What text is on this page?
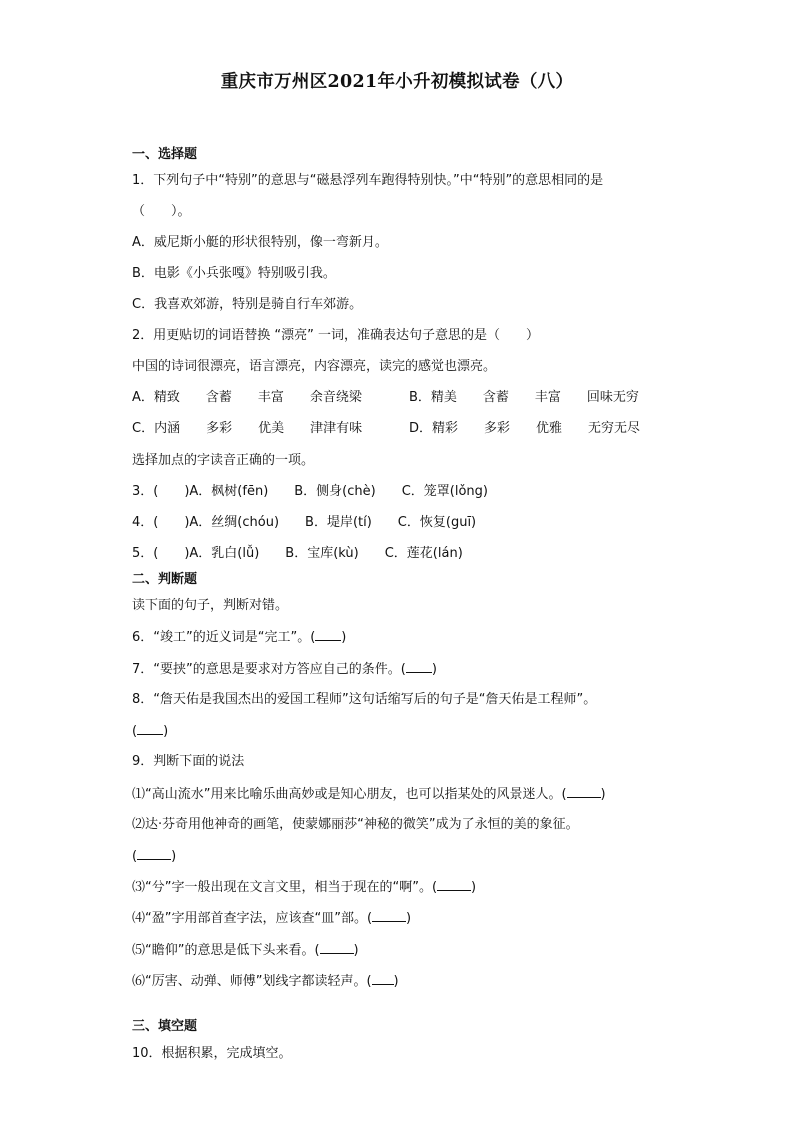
重庆市万州区2021年小升初模拟试卷（八）
一、选择题
1．下列句子中“特别”的意思与“磁悬浮列车跑得特别快。”中“特别”的意思相同的是
（　　）。
A．威尼斯小艇的形状很特别，像一弯新月。
B．电影《小兵张嘎》特别吸引我。
C．我喜欢郊游，特别是骑自行车郊游。
2．用更贴切的词语替换 “漂亮” 一词，准确表达句子意思的是（　　）
中国的诗词很漂亮，语言漂亮，内容漂亮，读完的感觉也漂亮。
A．精致　　含蓄　　丰富　　余音绕梁	B．精美　　含蓄　　丰富　　回味无穷
C．内涵　　多彩　　优美　　津津有味	D．精彩　　多彩　　优雅　　无穷无尽
选择加点的字读音正确的一项。
3．(　　)A．枫树(fēn)　　B．侧身(chè)　　C．笼罩(lǒng)
4．(　　)A．丝绸(chóu)　　B．堤岸(tí)　　C．恢复(guī)
5．(　　)A．乳白(lǚ)　　B．宝库(kù)　　C．莲花(lán)
二、判断题
读下面的句子，判断对错。
6．“竣工”的近义词是“完工”。( )
7．“要挟”的意思是要求对方答应自己的条件。( )
8．“詹天佑是我国杰出的爱国工程师”这句话缩写后的句子是“詹天佑是工程师”。
( )
9．判断下面的说法
⑴“高山流水”用来比喻乐曲高妙或是知心朋友，也可以指某处的风景迷人。(	)
⑵达·芬奇用他神奇的画笔，使蒙娜丽莎“神秘的微笑”成为了永恒的美的象征。
(	)
⑶“兮”字一般出现在文言文里，相当于现在的“啊”。(	)
⑷“盈”字用部首查字法，应该查“皿”部。(	)
⑸“瞻仰”的意思是低下头来看。(	)
⑹“厉害、动弹、师傅”划线字都读轻声。( )
三、填空题
10．根据积累，完成填空。
